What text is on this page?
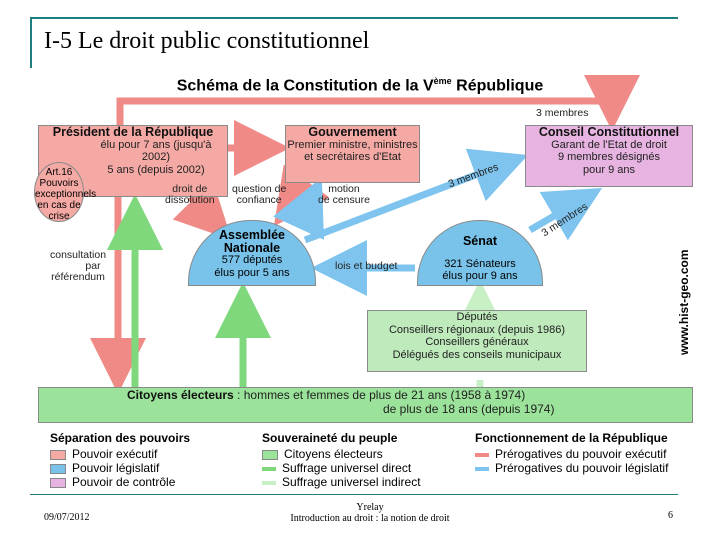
I-5 Le droit public constitutionnel
Schéma de la Constitution de la Vème République
Président de la République
élu pour 7 ans (jusqu'à 2002)
5 ans (depuis 2002)
Art.16
Pouvoirs
exceptionnels
en cas de
crise
Gouvernement
Premier ministre, ministres
et secrétaires d'Etat
Conseil Constitutionnel
Garant de l'Etat de droit
9 membres désignés
pour 9 ans
Assemblée
Nationale
577 députés
élus pour 5 ans
Sénat
321 Sénateurs
élus pour 9 ans
Députés
Conseillers régionaux (depuis 1986)
Conseillers généraux
Délégués des conseils municipaux
Citoyens électeurs : hommes et femmes de plus de 21 ans (1958 à 1974)
de plus de 18 ans (depuis 1974)
3 membres
3 membres
3 membres
droit de
dissolution
question de
confiance
motion
de censure
consultation
par
référendum
lois et budget	www.hist-geo.com
Séparation des pouvoirs
Pouvoir exécutif
Pouvoir législatif
Pouvoir de contrôle
Souveraineté du peuple
Citoyens électeurs
Suffrage universel direct
Suffrage universel indirect
Fonctionnement de la République
Prérogatives du pouvoir exécutif
Prérogatives du pouvoir législatif
09/07/2012
Yrelay
Introduction au droit : la notion de droit	6
